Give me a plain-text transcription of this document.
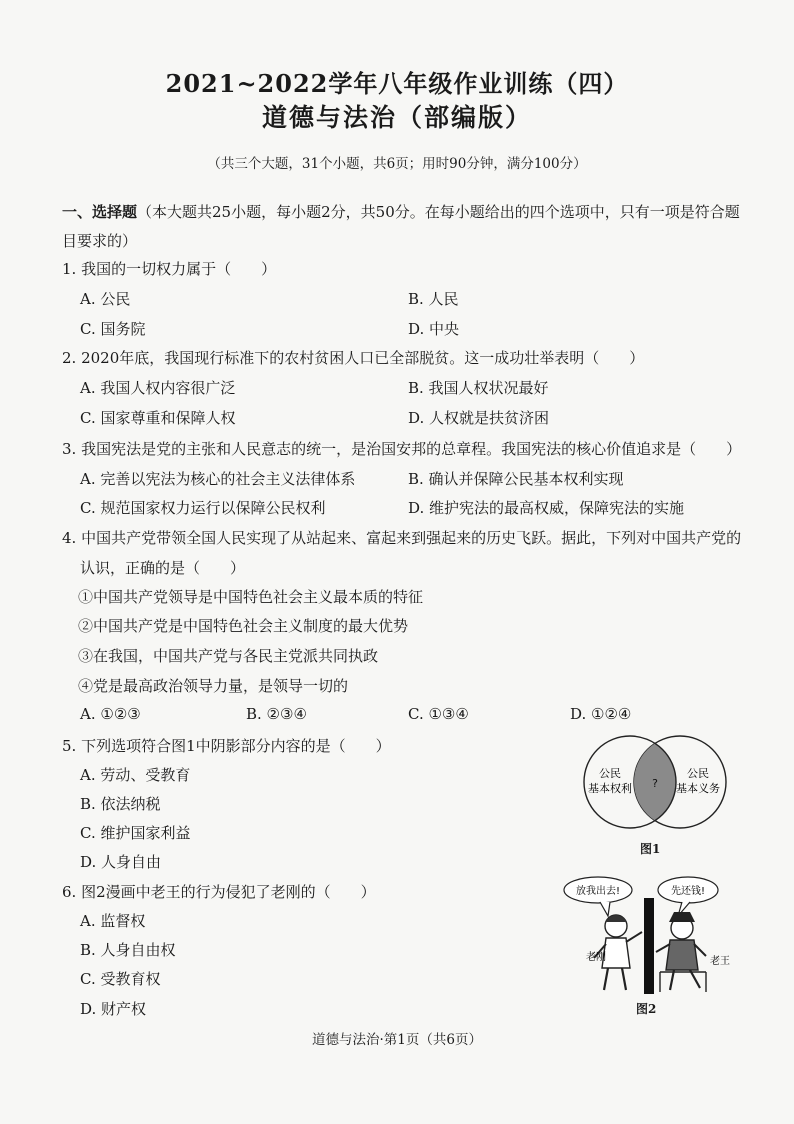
2021~2022学年八年级作业训练（四）
道德与法治（部编版）
（共三个大题，31个小题，共6页；用时90分钟，满分100分）
一、选择题（本大题共25小题，每小题2分，共50分。在每小题给出的四个选项中，只有一项是符合题目要求的）
1. 我国的一切权力属于（　　）
A. 公民	B. 人民
C. 国务院	D. 中央
2. 2020年底，我国现行标准下的农村贫困人口已全部脱贫。这一成功壮举表明（　　）
A. 我国人权内容很广泛	B. 我国人权状况最好
C. 国家尊重和保障人权	D. 人权就是扶贫济困
3. 我国宪法是党的主张和人民意志的统一，是治国安邦的总章程。我国宪法的核心价值追求是（　　）
A. 完善以宪法为核心的社会主义法律体系	B. 确认并保障公民基本权利实现
C. 规范国家权力运行以保障公民权利	D. 维护宪法的最高权威，保障宪法的实施
4. 中国共产党带领全国人民实现了从站起来、富起来到强起来的历史飞跃。据此，下列对中国共产党的
认识，正确的是（　　）
①中国共产党领导是中国特色社会主义最本质的特征
②中国共产党是中国特色社会主义制度的最大优势
③在我国，中国共产党与各民主党派共同执政
④党是最高政治领导力量，是领导一切的
A. ①②③	B. ②③④	C. ①③④	D. ①②④
5. 下列选项符合图1中阴影部分内容的是（　　）
A. 劳动、受教育
B. 依法纳税
C. 维护国家利益
D. 人身自由
公民
基本权利
公民
基本义务
?
图1
6. 图2漫画中老王的行为侵犯了老刚的（　　）
A. 监督权
B. 人身自由权
C. 受教育权
D. 财产权
放我出去!	先还钱!
老刚	老王
图2
道德与法治·第1页（共6页）
